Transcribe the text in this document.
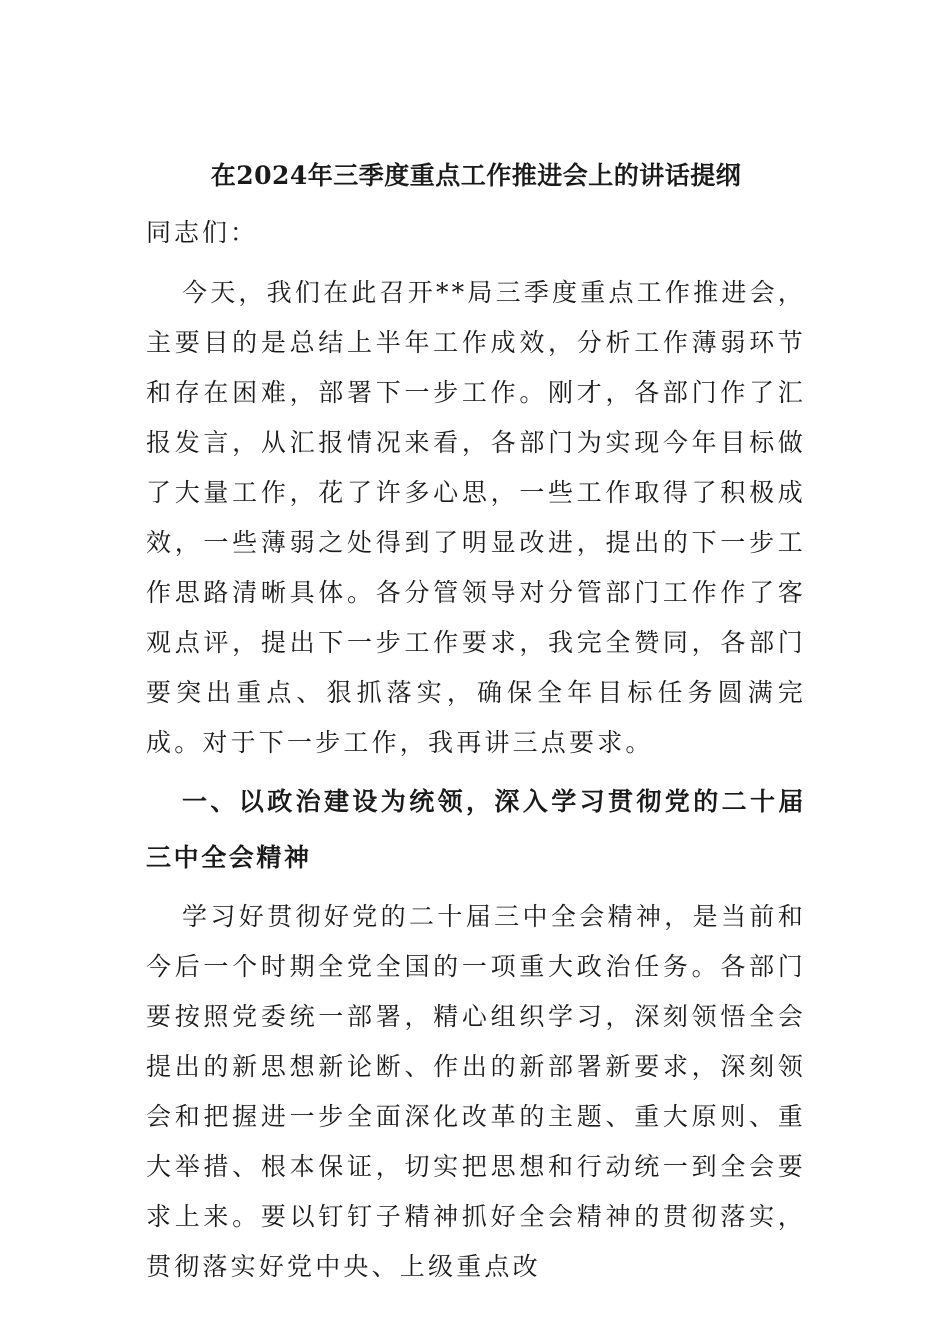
在2024年三季度重点工作推进会上的讲话提纲

同志们：

今天，我们在此召开**局三季度重点工作推进会，主要目的是总结上半年工作成效，分析工作薄弱环节和存在困难，部署下一步工作。刚才，各部门作了汇报发言，从汇报情况来看，各部门为实现今年目标做了大量工作，花了许多心思，一些工作取得了积极成效，一些薄弱之处得到了明显改进，提出的下一步工作思路清晰具体。各分管领导对分管部门工作作了客观点评，提出下一步工作要求，我完全赞同，各部门要突出重点、狠抓落实，确保全年目标任务圆满完成。对于下一步工作，我再讲三点要求。

一、以政治建设为统领，深入学习贯彻党的二十届三中全会精神

学习好贯彻好党的二十届三中全会精神，是当前和今后一个时期全党全国的一项重大政治任务。各部门要按照党委统一部署，精心组织学习，深刻领悟全会提出的新思想新论断、作出的新部署新要求，深刻领会和把握进一步全面深化改革的主题、重大原则、重大举措、根本保证，切实把思想和行动统一到全会要求上来。要以钉钉子精神抓好全会精神的贯彻落实，贯彻落实好党中央、上级重点改
